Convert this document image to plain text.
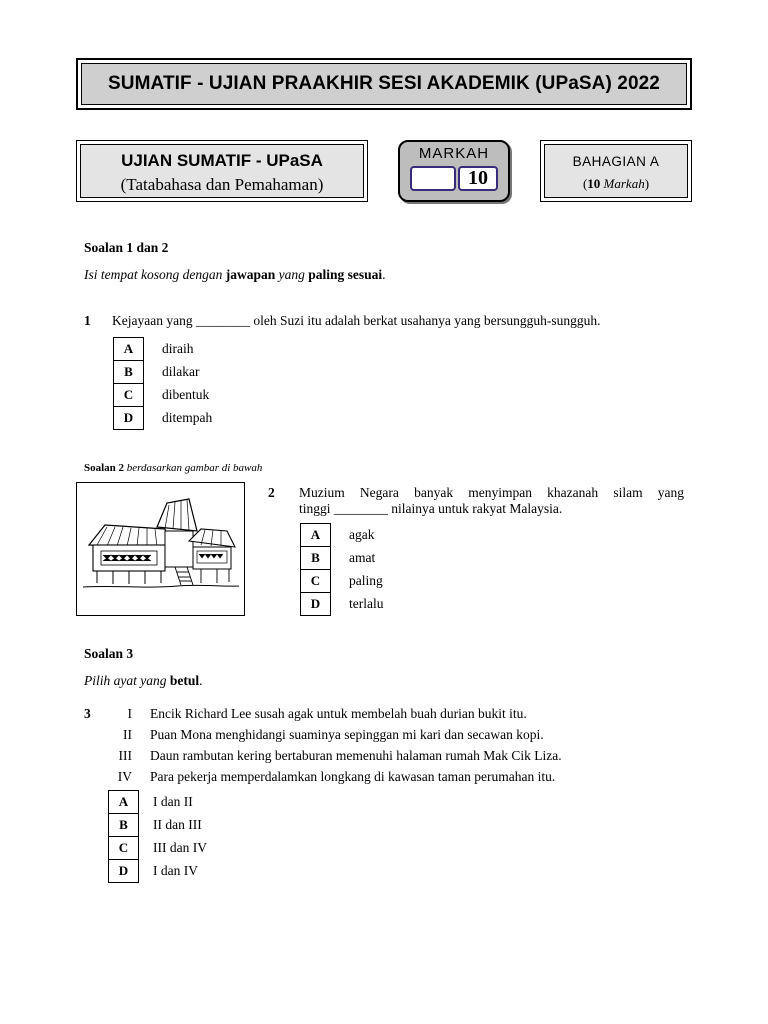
SUMATIF - UJIAN PRAAKHIR SESI AKADEMIK (UPaSA) 2022
UJIAN SUMATIF - UPaSA
(Tatabahasa dan Pemahaman)
MARKAH
10
BAHAGIAN A
(10 Markah)
Soalan 1 dan 2
Isi tempat kosong dengan jawapan yang paling sesuai.
1 Kejayaan yang ________ oleh Suzi itu adalah berkat usahanya yang bersungguh-sungguh.
A	diraih
B	dilakar
C	dibentuk
D	ditempah
Soalan 2 berdasarkan gambar di bawah
2 Muzium Negara banyak menyimpan khazanah silam yang
tinggi ________ nilainya untuk rakyat Malaysia.
A	agak
B	amat
C	paling
D	terlalu
Soalan 3
Pilih ayat yang betul.
3	I Encik Richard Lee susah agak untuk membelah buah durian bukit itu.
II Puan Mona menghidangi suaminya sepinggan mi kari dan secawan kopi.
III Daun rambutan kering bertaburan memenuhi halaman rumah Mak Cik Liza.
IV Para pekerja memperdalamkan longkang di kawasan taman perumahan itu.
A	I dan II
B	II dan III
C	III dan IV
D	I dan IV
